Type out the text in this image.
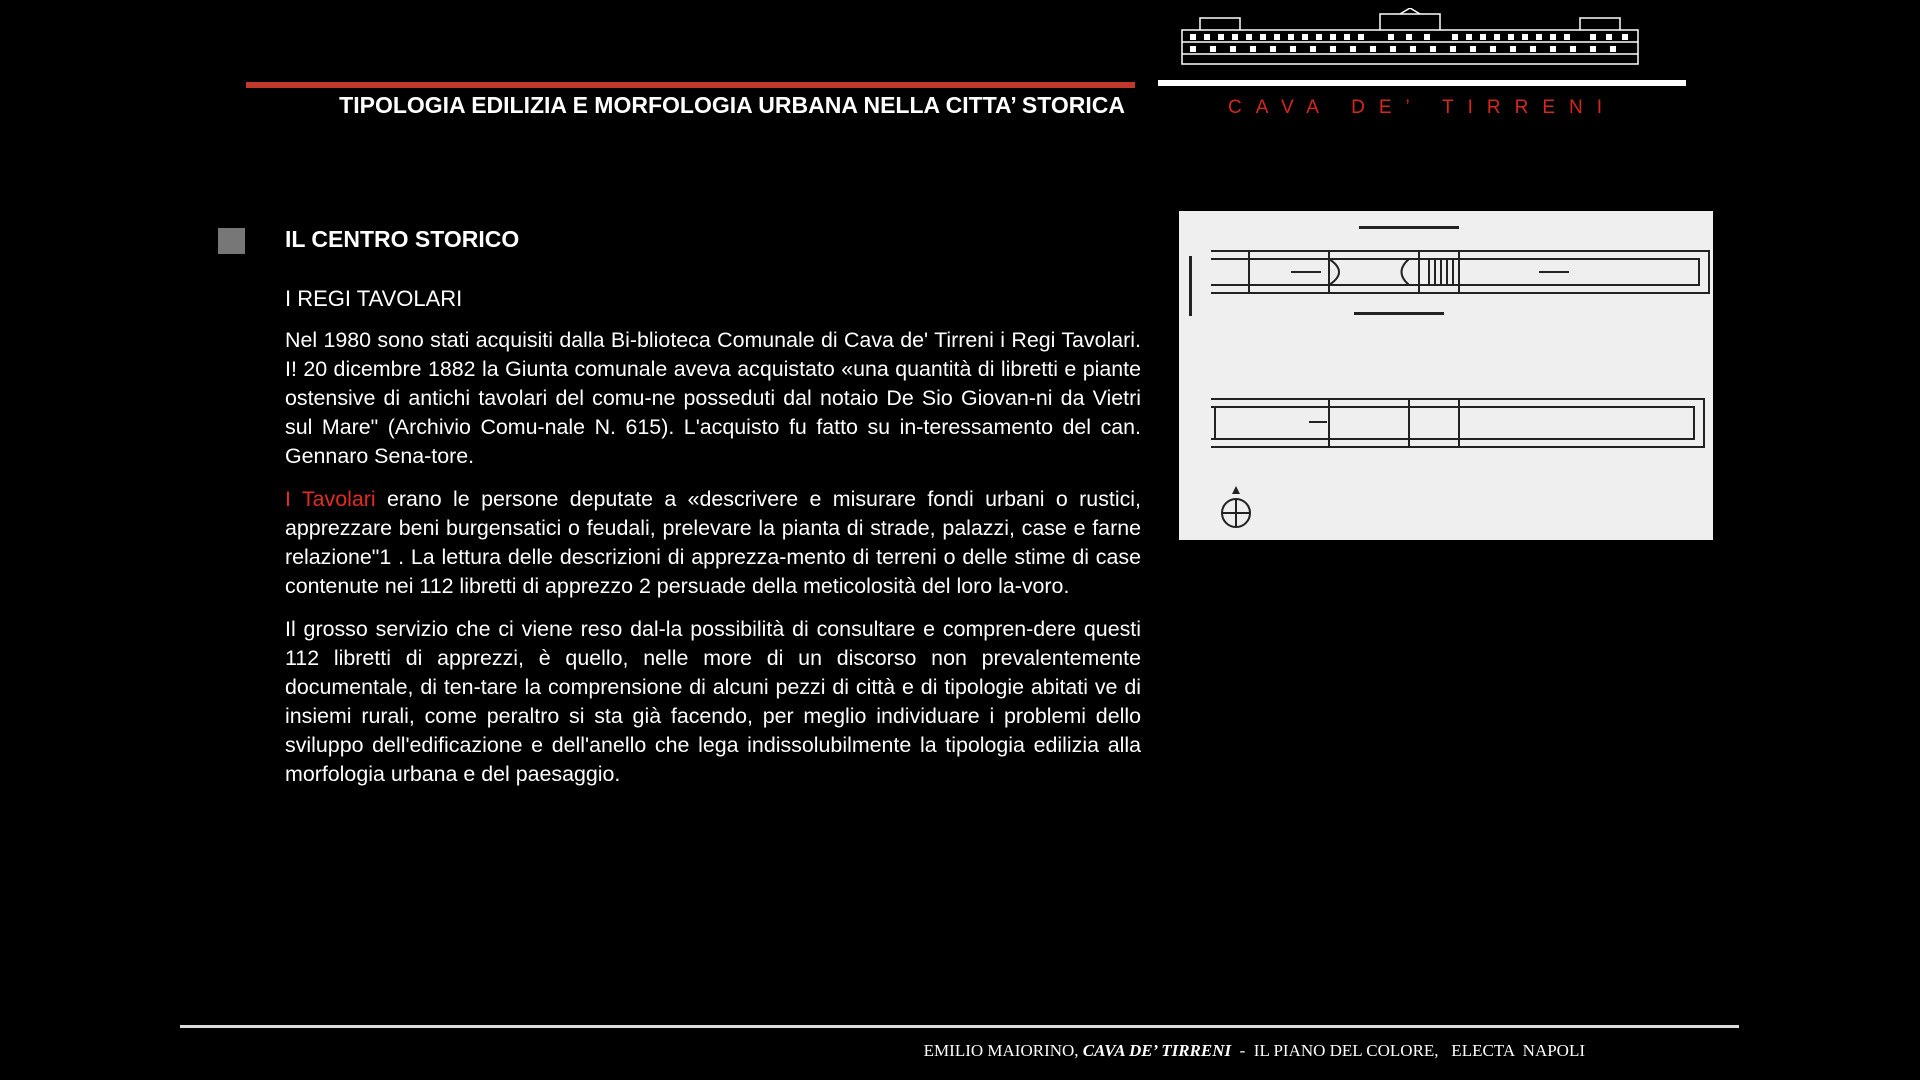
TIPOLOGIA EDILIZIA E MORFOLOGIA URBANA NELLA CITTA’ STORICA	CAVA DE’ TIRRENI
IL CENTRO STORICO
I REGI TAVOLARI

Nel 1980 sono stati acquisiti dalla Bi-blioteca Comunale di Cava de' Tirreni i Regi Tavolari. I! 20 dicembre 1882 la Giunta comunale aveva acquistato «una quantità di libretti e piante ostensive di antichi tavolari del comu-ne posseduti dal notaio De Sio Giovan-ni da Vietri sul Mare" (Archivio Comu-nale N. 615). L'acquisto fu fatto su in-teressamento del can. Gennaro Sena-tore.

I Tavolari erano le persone deputate a «descrivere e misurare fondi urbani o rustici, apprezzare beni burgensatici o feudali, prelevare la pianta di strade, palazzi, case e farne relazione"1 . La lettura delle descrizioni di apprezza-mento di terreni o delle stime di case contenute nei 112 libretti di apprezzo 2 persuade della meticolosità del loro la-voro.

Il grosso servizio che ci viene reso dal-la possibilità di consultare e compren-dere questi 112 libretti di apprezzi, è quello, nelle more di un discorso non prevalentemente documentale, di ten-tare la comprensione di alcuni pezzi di città e di tipologie abitati ve di insiemi rurali, come peraltro si sta già facendo, per meglio individuare i problemi dello sviluppo dell'edificazione e dell'anello che lega indissolubilmente la tipologia edilizia alla morfologia urbana e del paesaggio.

EMILIO MAIORINO, CAVA DE’ TIRRENI  -  IL PIANO DEL COLORE,   ELECTA  NAPOLI
